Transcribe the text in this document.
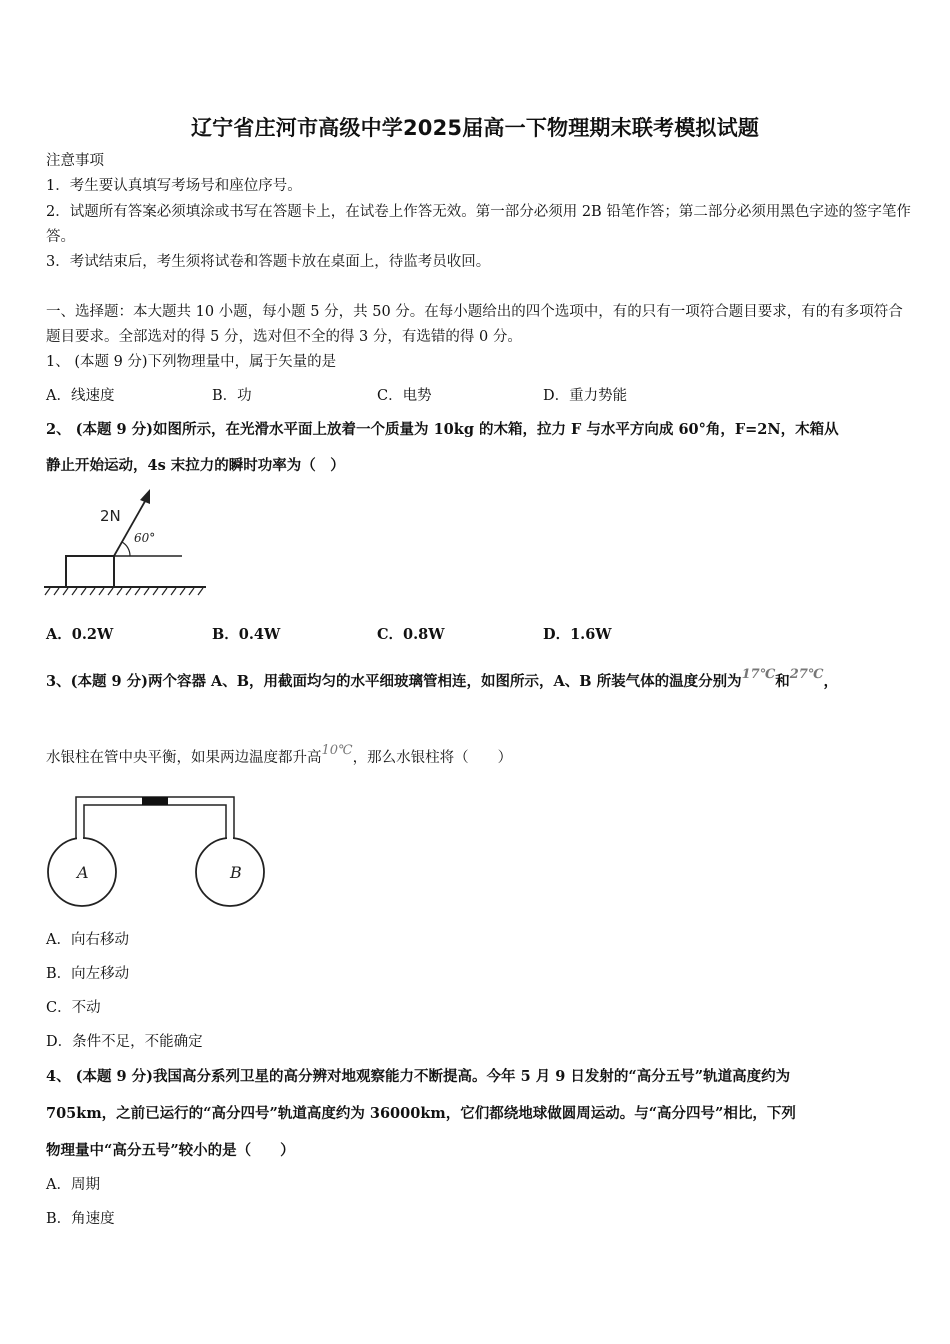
辽宁省庄河市高级中学2025届高一下物理期末联考模拟试题
注意事项
1．考生要认真填写考场号和座位序号。
2．试题所有答案必须填涂或书写在答题卡上，在试卷上作答无效。第一部分必须用 2B 铅笔作答；第二部分必须用黑色字迹的签字笔作答。
3．考试结束后，考生须将试卷和答题卡放在桌面上，待监考员收回。
一、选择题：本大题共 10 小题，每小题 5 分，共 50 分。在每小题给出的四个选项中，有的只有一项符合题目要求，有的有多项符合题目要求。全部选对的得 5 分，选对但不全的得 3 分，有选错的得 0 分。
1、 (本题 9 分)下列物理量中，属于矢量的是
A．线速度	B．功	C．电势	D．重力势能
2、 (本题 9 分)如图所示，在光滑水平面上放着一个质量为 10kg 的木箱，拉力 F 与水平方向成 60°角，F=2N，木箱从
静止开始运动，4s 末拉力的瞬时功率为（　）
2N
60°
A．0.2W	B．0.4W	C．0.8W	D．1.6W
3、(本题 9 分)两个容器 A、B，用截面均匀的水平细玻璃管相连，如图所示，A、B 所装气体的温度分别为17℃和27℃，
水银柱在管中央平衡，如果两边温度都升高10℃，那么水银柱将（　　）
A	B
A．向右移动
B．向左移动
C．不动
D．条件不足，不能确定
4、 (本题 9 分)我国高分系列卫星的高分辨对地观察能力不断提高。今年 5 月 9 日发射的“高分五号”轨道高度约为
705km，之前已运行的“高分四号”轨道高度约为 36000km，它们都绕地球做圆周运动。与“高分四号”相比，下列
物理量中“高分五号”较小的是（　　）
A．周期
B．角速度
